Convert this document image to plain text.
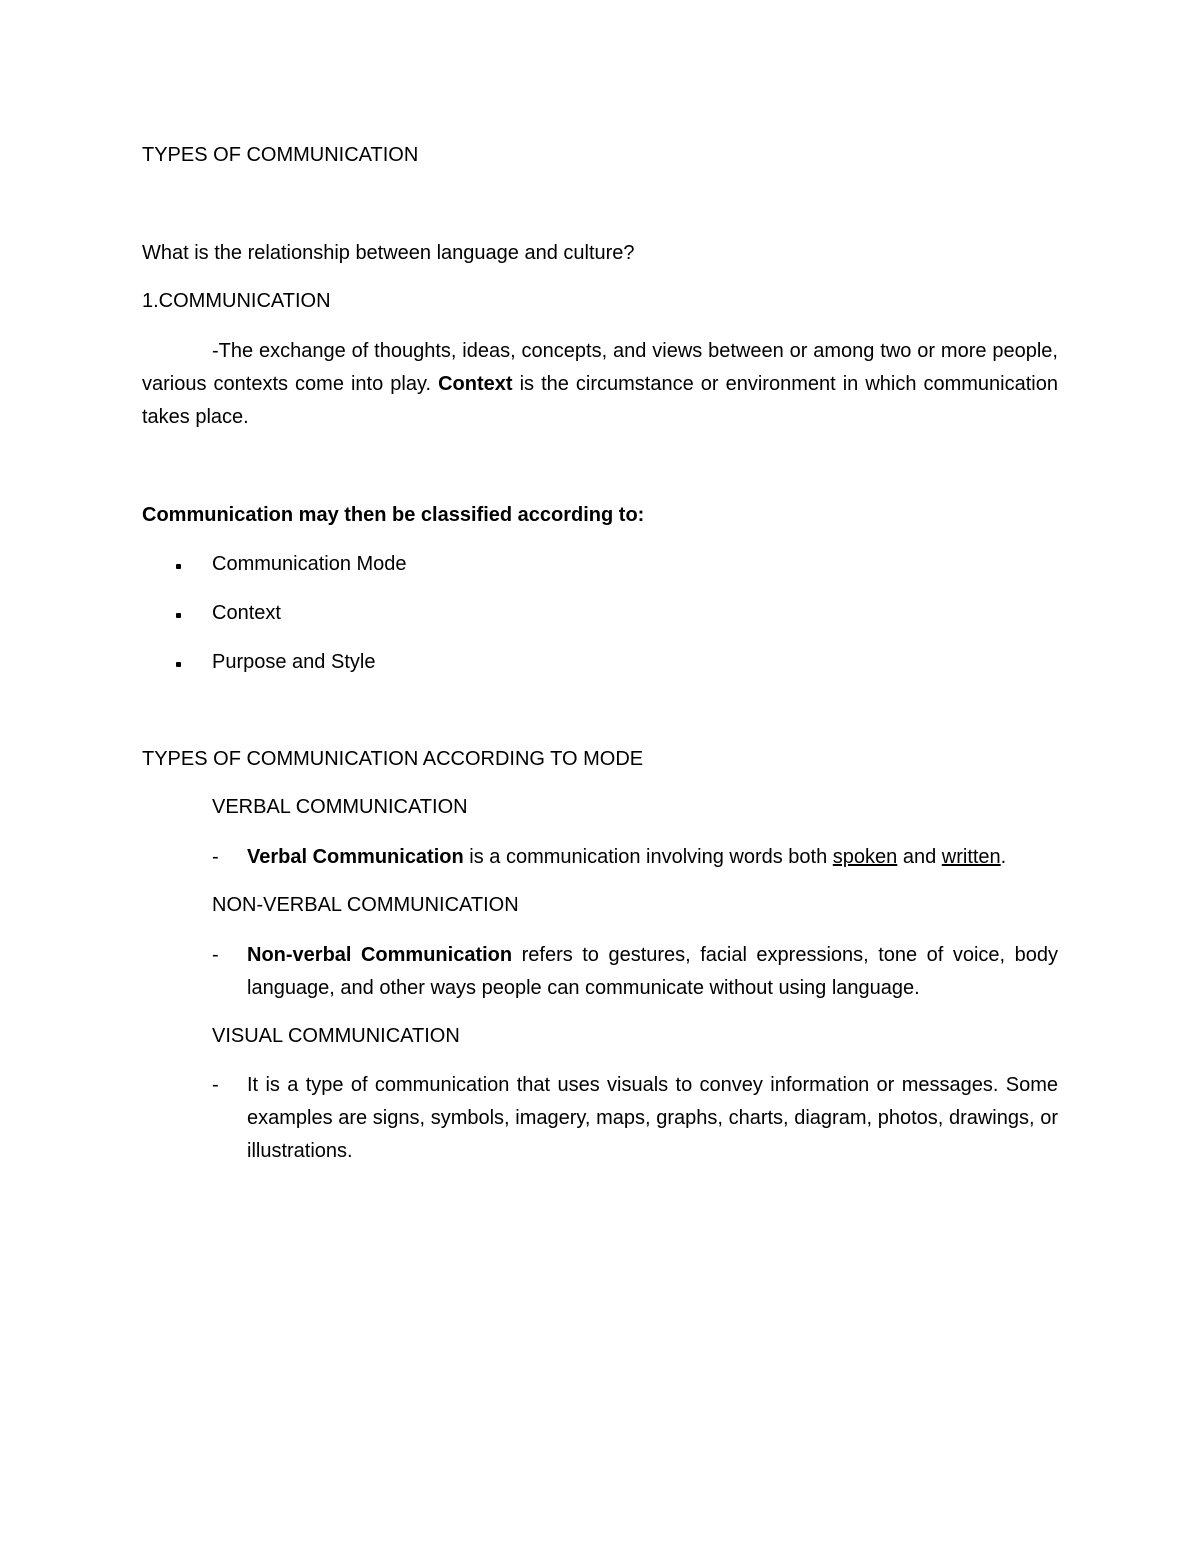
TYPES OF COMMUNICATION
What is the relationship between language and culture?
1.COMMUNICATION

-The exchange of thoughts, ideas, concepts, and views between or among two or more people, various contexts come into play. Context is the circumstance or environment in which communication takes place.

Communication may then be classified according to:
Communication Mode
Context
Purpose and Style
TYPES OF COMMUNICATION ACCORDING TO MODE
VERBAL COMMUNICATION
- Verbal Communication is a communication involving words both spoken and written.
NON-VERBAL COMMUNICATION
- Non-verbal Communication refers to gestures, facial expressions, tone of voice, body language, and other ways people can communicate without using language.

VISUAL COMMUNICATION
- It is a type of communication that uses visuals to convey information or messages. Some examples are signs, symbols, imagery, maps, graphs, charts, diagram, photos, drawings, or illustrations.
